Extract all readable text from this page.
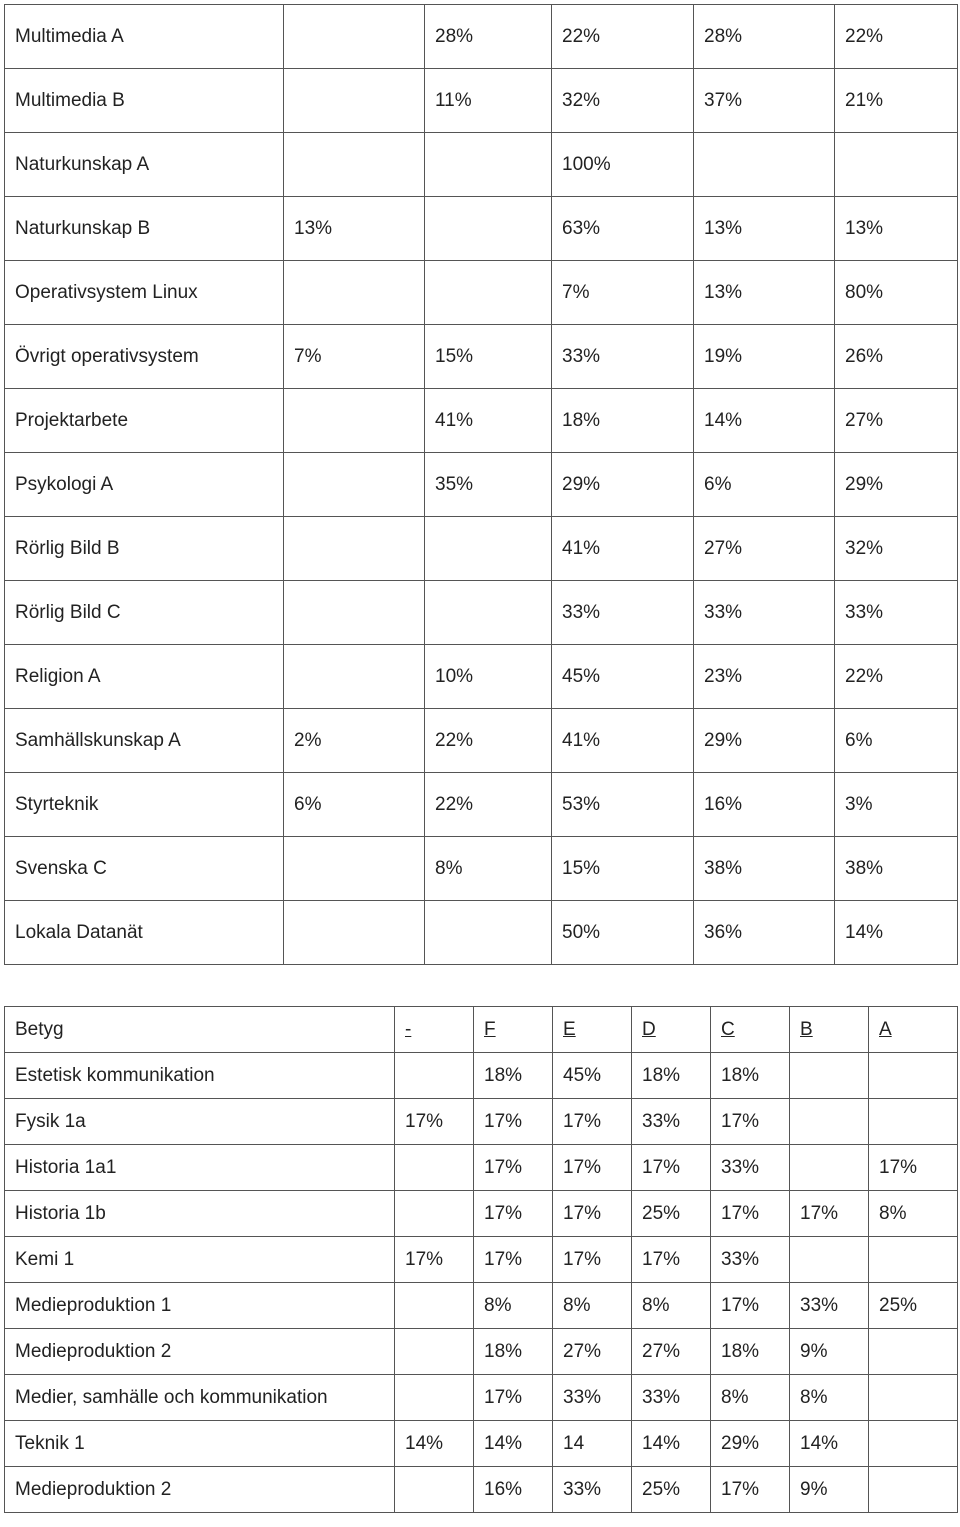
Multimedia A		28%	22%	28%	22%
Multimedia B		11%	32%	37%	21%
Naturkunskap A			100%		
Naturkunskap B	13%		63%	13%	13%
Operativsystem Linux			7%	13%	80%
Övrigt operativsystem	7%	15%	33%	19%	26%
Projektarbete		41%	18%	14%	27%
Psykologi A		35%	29%	6%	29%
Rörlig Bild B			41%	27%	32%
Rörlig Bild C			33%	33%	33%
Religion A		10%	45%	23%	22%
Samhällskunskap A	2%	22%	41%	29%	6%
Styrteknik	6%	22%	53%	16%	3%
Svenska C		8%	15%	38%	38%
Lokala Datanät			50%	36%	14%
Betyg	-	F	E	D	C	B	A
Estetisk kommunikation		18%	45%	18%	18%		
Fysik 1a	17%	17%	17%	33%	17%		
Historia 1a1		17%	17%	17%	33%		17%
Historia 1b		17%	17%	25%	17%	17%	8%
Kemi 1	17%	17%	17%	17%	33%		
Medieproduktion 1		8%	8%	8%	17%	33%	25%
Medieproduktion 2		18%	27%	27%	18%	9%	
Medier, samhälle och kommunikation		17%	33%	33%	8%	8%	
Teknik 1	14%	14%	14	14%	29%	14%	
Medieproduktion 2		16%	33%	25%	17%	9%	
